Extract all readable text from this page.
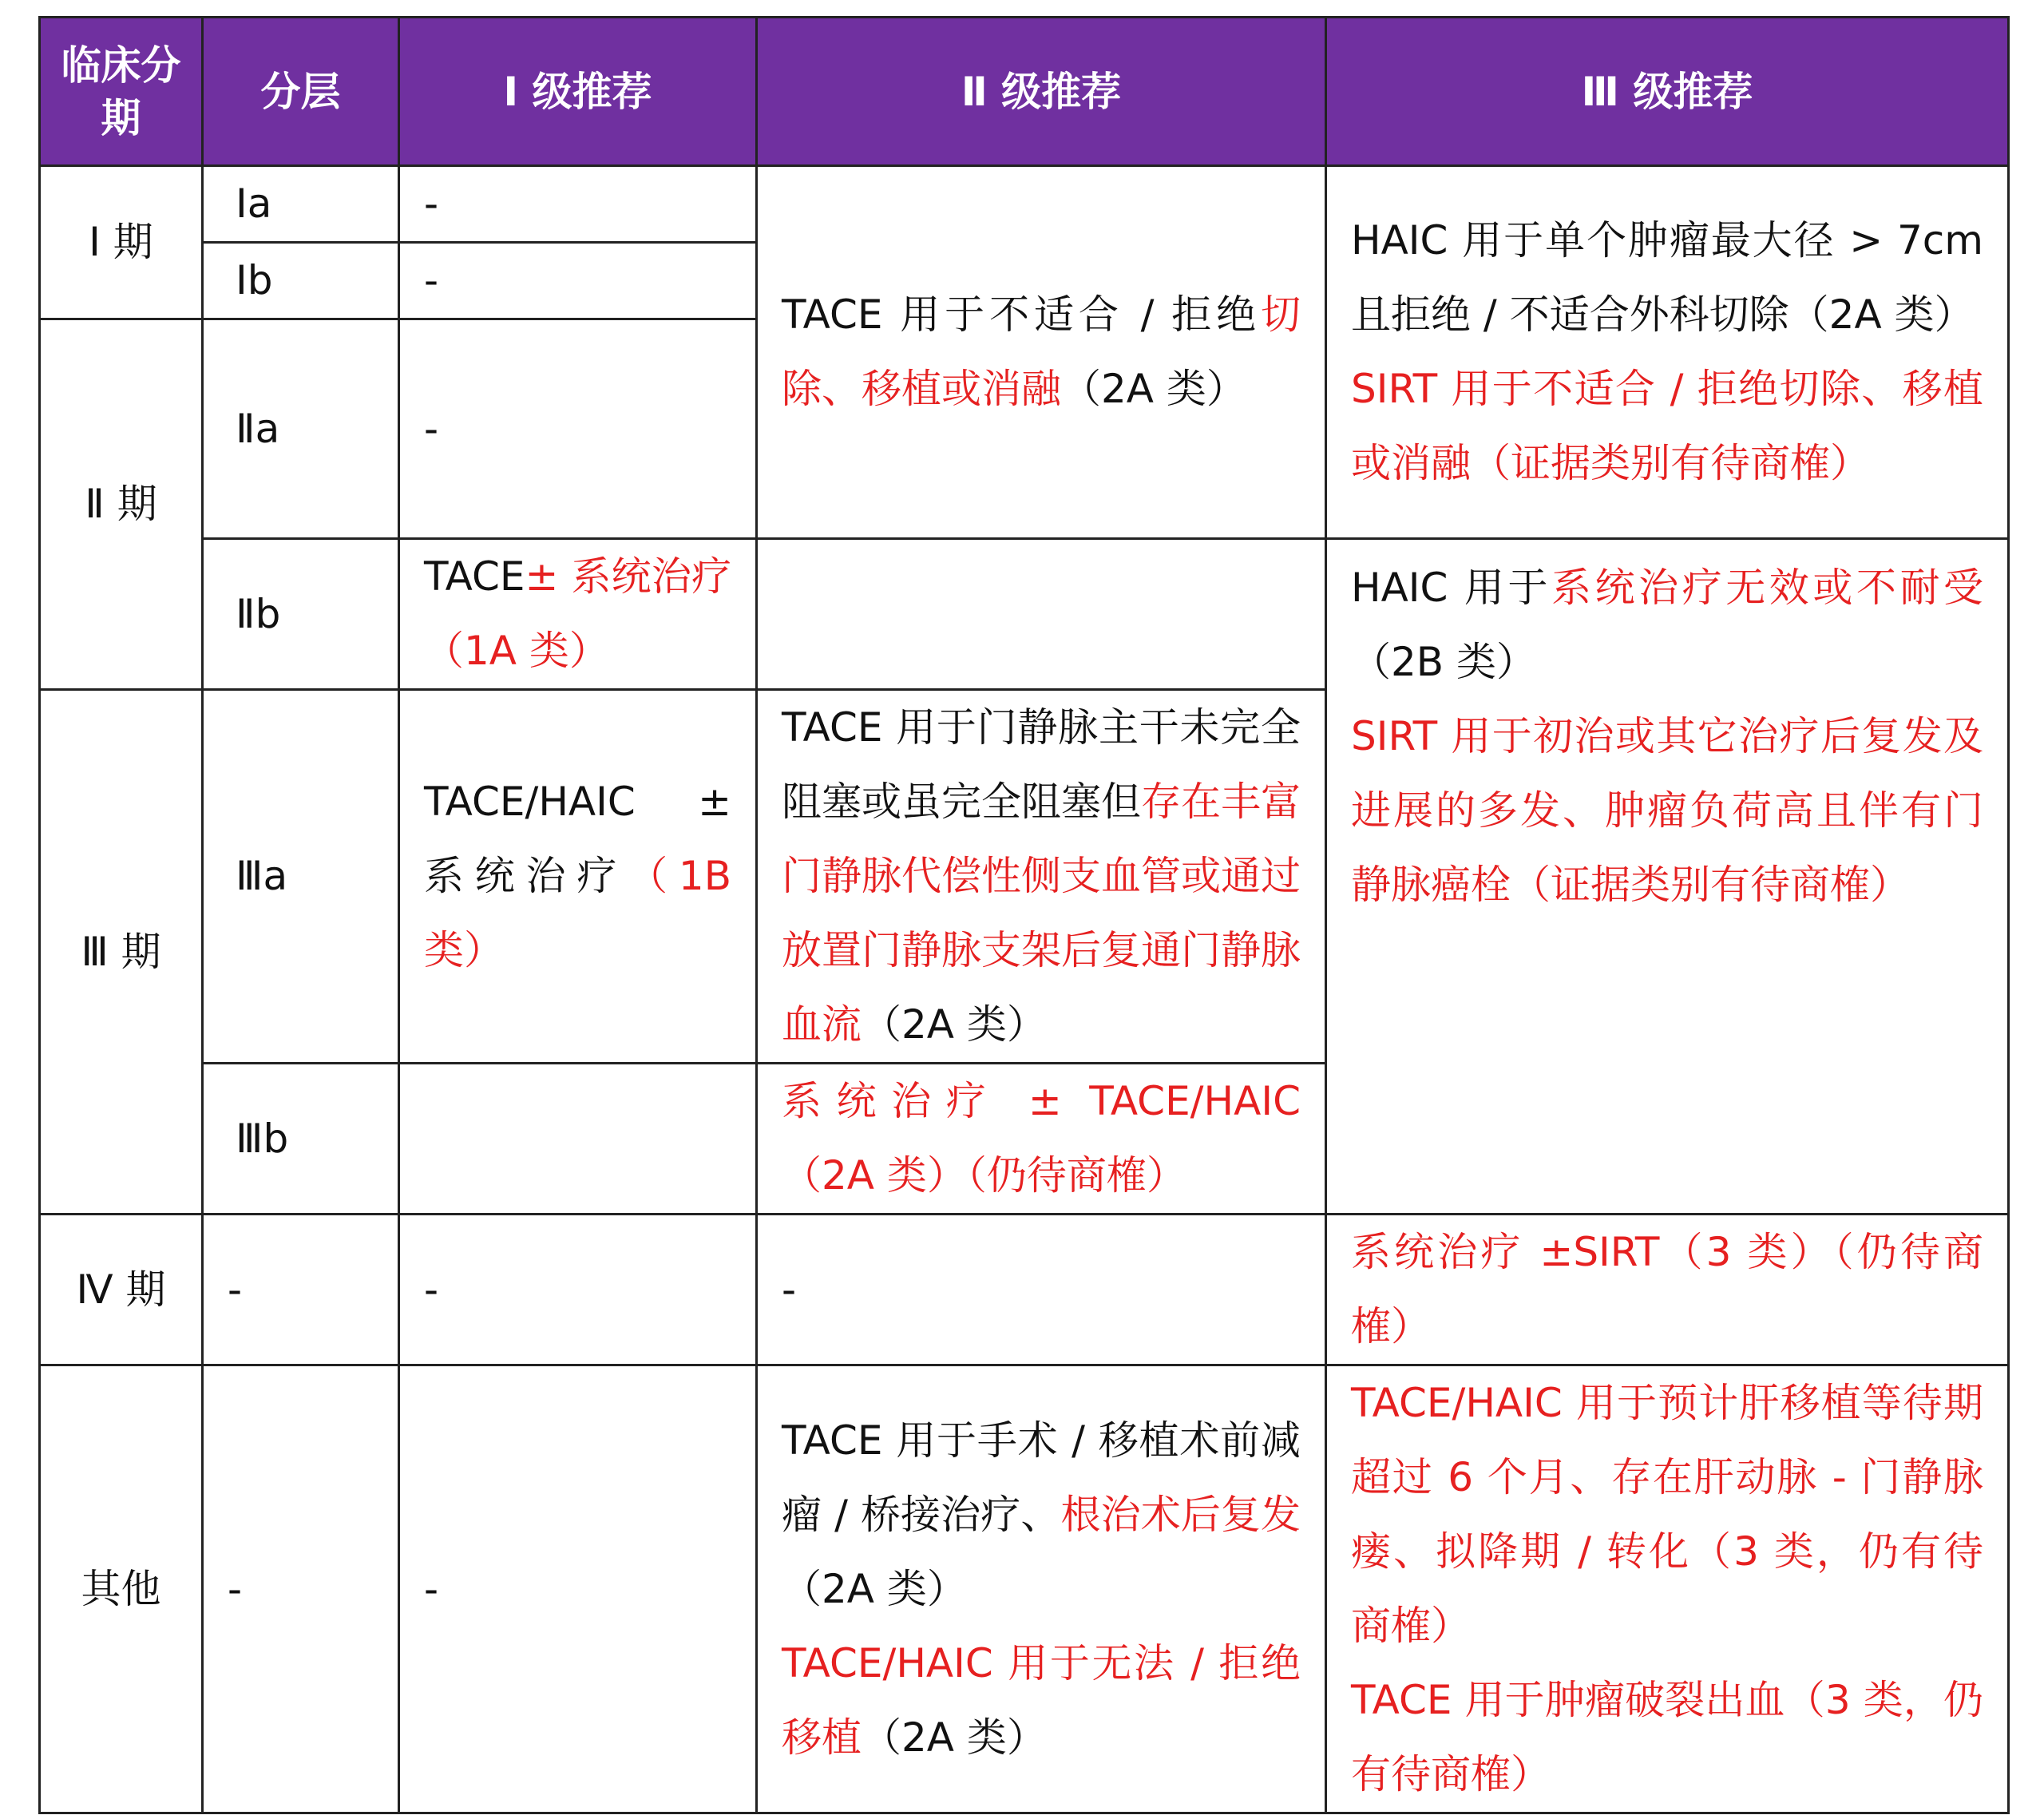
临床分期	分层	Ⅰ 级推荐	Ⅱ 级推荐	Ⅲ 级推荐
Ⅰ 期	Ⅰa	-	TACE 用于不适合 / 拒绝切除、移植或消融（2A 类）	HAIC 用于单个肿瘤最大径 > 7cm 且拒绝 / 不适合外科切除（2A 类）
SIRT 用于不适合 / 拒绝切除、移植或消融（证据类别有待商榷）

	Ⅰb	-		
Ⅱ 期	Ⅱa	-		
	Ⅱb	TACE± 系统治疗（1A 类）		HAIC 用于系统治疗无效或不耐受（2B 类）
SIRT 用于初治或其它治疗后复发及进展的多发、肿瘤负荷高且伴有门静脉癌栓（证据类别有待商榷）

Ⅲ 期	Ⅲa	TACE/HAIC ± 系统治疗（1B 类）	TACE 用于门静脉主干未完全阻塞或虽完全阻塞但存在丰富门静脉代偿性侧支血管或通过放置门静脉支架后复通门静脉血流（2A 类）	
	Ⅲb		系统治疗 ± TACE/HAIC（2A 类）（仍待商榷）	
Ⅳ 期	-	-	-	系统治疗 ±SIRT（3 类）（仍待商榷）
其他	-	-	TACE 用于手术 / 移植术前减瘤 / 桥接治疗、根治术后复发（2A 类）
TACE/HAIC 用于无法 / 拒绝移植（2A 类）	TACE/HAIC 用于预计肝移植等待期超过 6 个月、存在肝动脉 - 门静脉瘘、拟降期 / 转化（3 类，仍有待商榷）
TACE 用于肿瘤破裂出血（3 类，仍有待商榷）
